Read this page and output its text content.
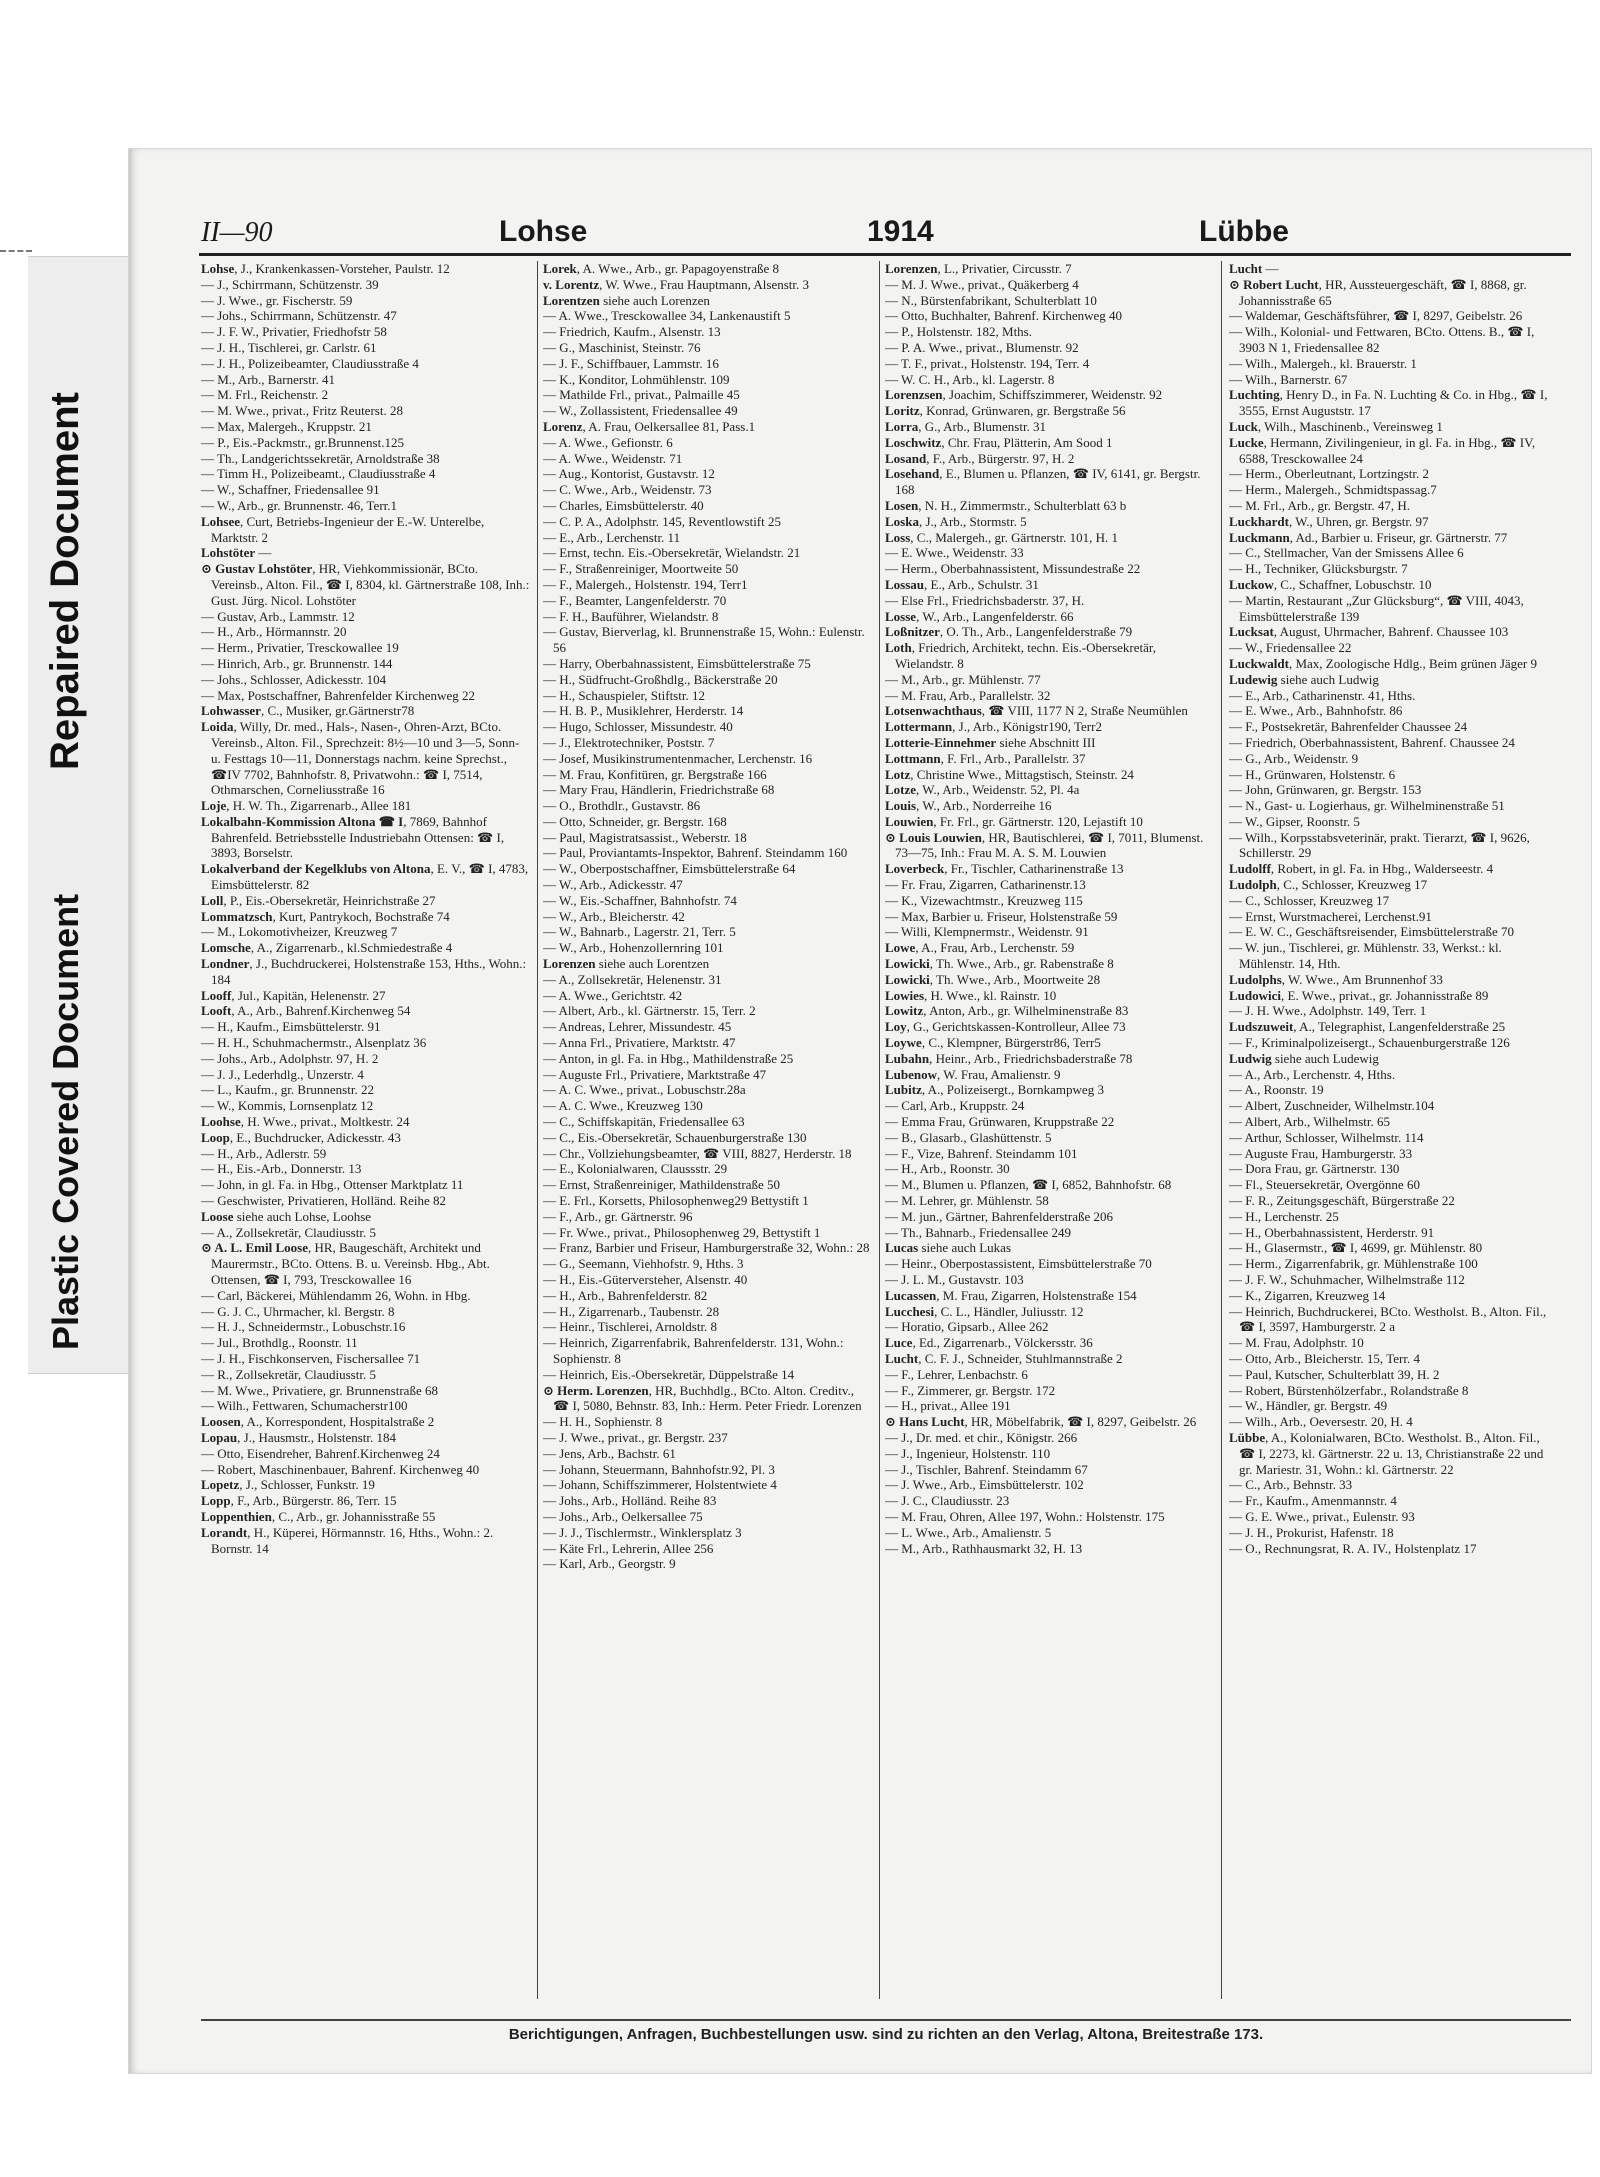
Plastic Covered Document
Repaired Document
II—90	Lohse	1914	Lübbe

Lohse, J., Krankenkassen-Vorsteher, Paulstr. 12

— J., Schirrmann, Schützenstr. 39

— J. Wwe., gr. Fischerstr. 59

— Johs., Schirrmann, Schützenstr. 47

— J. F. W., Privatier, Friedhofstr 58

— J. H., Tischlerei, gr. Carlstr. 61

— J. H., Polizeibeamter, Claudiusstraße 4

— M., Arb., Barnerstr. 41

— M. Frl., Reichenstr. 2

— M. Wwe., privat., Fritz Reuterst. 28

— Max, Malergeh., Kruppstr. 21

— P., Eis.-Packmstr., gr.Brunnenst.125

— Th., Landgerichtssekretär, Arnoldstraße 38

— Timm H., Polizeibeamt., Claudiusstraße 4

— W., Schaffner, Friedensallee 91

— W., Arb., gr. Brunnenstr. 46, Terr.1

Lohsee, Curt, Betriebs-Ingenieur der E.-W. Unterelbe, Marktstr. 2

Lohstöter —

⊙ Gustav Lohstöter, HR, Viehkommissionär, BCto. Vereinsb., Alton. Fil., ☎ I, 8304, kl. Gärtnerstraße 108, Inh.: Gust. Jürg. Nicol. Lohstöter

— Gustav, Arb., Lammstr. 12

— H., Arb., Hörmannstr. 20

— Herm., Privatier, Tresckowallee 19

— Hinrich, Arb., gr. Brunnenstr. 144

— Johs., Schlosser, Adickesstr. 104

— Max, Postschaffner, Bahrenfelder Kirchenweg 22

Lohwasser, C., Musiker, gr.Gärtnerstr78

Loida, Willy, Dr. med., Hals-, Nasen-, Ohren-Arzt, BCto. Vereinsb., Alton. Fil., Sprechzeit: 8½—10 und 3—5, Sonn- u. Festtags 10—11, Donnerstags nachm. keine Sprechst., ☎IV 7702, Bahnhofstr. 8, Privatwohn.: ☎ I, 7514, Othmarschen, Corneliusstraße 16

Loje, H. W. Th., Zigarrenarb., Allee 181

Lokalbahn-Kommission Altona ☎ I, 7869, Bahnhof Bahrenfeld. Betriebsstelle Industriebahn Ottensen: ☎ I, 3893, Borselstr.

Lokalverband der Kegelklubs von Altona, E. V., ☎ I, 4783, Eimsbüttelerstr. 82

Loll, P., Eis.-Obersekretär, Heinrichstraße 27

Lommatzsch, Kurt, Pantrykoch, Bochstraße 74

— M., Lokomotivheizer, Kreuzweg 7

Lomsche, A., Zigarrenarb., kl.Schmiedestraße 4

Londner, J., Buchdruckerei, Holstenstraße 153, Hths., Wohn.: 184

Looff, Jul., Kapitän, Helenenstr. 27

Looft, A., Arb., Bahrenf.Kirchenweg 54

— H., Kaufm., Eimsbüttelerstr. 91

— H. H., Schuhmachermstr., Alsenplatz 36

— Johs., Arb., Adolphstr. 97, H. 2

— J. J., Lederhdlg., Unzerstr. 4

— L., Kaufm., gr. Brunnenstr. 22

— W., Kommis, Lornsenplatz 12

Loohse, H. Wwe., privat., Moltkestr. 24

Loop, E., Buchdrucker, Adickesstr. 43

— H., Arb., Adlerstr. 59

— H., Eis.-Arb., Donnerstr. 13

— John, in gl. Fa. in Hbg., Ottenser Marktplatz 11

— Geschwister, Privatieren, Holländ. Reihe 82

Loose siehe auch Lohse, Loohse

— A., Zollsekretär, Claudiusstr. 5

⊙ A. L. Emil Loose, HR, Baugeschäft, Architekt und Maurermstr., BCto. Ottens. B. u. Vereinsb. Hbg., Abt. Ottensen, ☎ I, 793, Tresckowallee 16

— Carl, Bäckerei, Mühlendamm 26, Wohn. in Hbg.

— G. J. C., Uhrmacher, kl. Bergstr. 8

— H. J., Schneidermstr., Lobuschstr.16

— Jul., Brothdlg., Roonstr. 11

— J. H., Fischkonserven, Fischersallee 71

— R., Zollsekretär, Claudiusstr. 5

— M. Wwe., Privatiere, gr. Brunnenstraße 68

— Wilh., Fettwaren, Schumacherstr100

Loosen, A., Korrespondent, Hospitalstraße 2

Lopau, J., Hausmstr., Holstenstr. 184

— Otto, Eisendreher, Bahrenf.Kirchenweg 24

— Robert, Maschinenbauer, Bahrenf. Kirchenweg 40

Lopetz, J., Schlosser, Funkstr. 19

Lopp, F., Arb., Bürgerstr. 86, Terr. 15

Loppenthien, C., Arb., gr. Johannisstraße 55

Lorandt, H., Küperei, Hörmannstr. 16, Hths., Wohn.: 2. Bornstr. 14

Lorek, A. Wwe., Arb., gr. Papagoyenstraße 8

v. Lorentz, W. Wwe., Frau Hauptmann, Alsenstr. 3

Lorentzen siehe auch Lorenzen

— A. Wwe., Tresckowallee 34, Lankenaustift 5

— Friedrich, Kaufm., Alsenstr. 13

— G., Maschinist, Steinstr. 76

— J. F., Schiffbauer, Lammstr. 16

— K., Konditor, Lohmühlenstr. 109

— Mathilde Frl., privat., Palmaille 45

— W., Zollassistent, Friedensallee 49

Lorenz, A. Frau, Oelkersallee 81, Pass.1

— A. Wwe., Gefionstr. 6

— A. Wwe., Weidenstr. 71

— Aug., Kontorist, Gustavstr. 12

— C. Wwe., Arb., Weidenstr. 73

— Charles, Eimsbüttelerstr. 40

— C. P. A., Adolphstr. 145, Reventlowstift 25

— E., Arb., Lerchenstr. 11

— Ernst, techn. Eis.-Obersekretär, Wielandstr. 21

— F., Straßenreiniger, Moortweite 50

— F., Malergeh., Holstenstr. 194, Terr1

— F., Beamter, Langenfelderstr. 70

— F. H., Bauführer, Wielandstr. 8

— Gustav, Bierverlag, kl. Brunnenstraße 15, Wohn.: Eulenstr. 56

— Harry, Oberbahnassistent, Eimsbüttelerstraße 75

— H., Südfrucht-Großhdlg., Bäckerstraße 20

— H., Schauspieler, Stiftstr. 12

— H. B. P., Musiklehrer, Herderstr. 14

— Hugo, Schlosser, Missundestr. 40

— J., Elektrotechniker, Poststr. 7

— Josef, Musikinstrumentenmacher, Lerchenstr. 16

— M. Frau, Konfitüren, gr. Bergstraße 166

— Mary Frau, Händlerin, Friedrichstraße 68

— O., Brothdlr., Gustavstr. 86

— Otto, Schneider, gr. Bergstr. 168

— Paul, Magistratsassist., Weberstr. 18

— Paul, Proviantamts-Inspektor, Bahrenf. Steindamm 160

— W., Oberpostschaffner, Eimsbüttelerstraße 64

— W., Arb., Adickesstr. 47

— W., Eis.-Schaffner, Bahnhofstr. 74

— W., Arb., Bleicherstr. 42

— W., Bahnarb., Lagerstr. 21, Terr. 5

— W., Arb., Hohenzollernring 101

Lorenzen siehe auch Lorentzen

— A., Zollsekretär, Helenenstr. 31

— A. Wwe., Gerichtstr. 42

— Albert, Arb., kl. Gärtnerstr. 15, Terr. 2

— Andreas, Lehrer, Missundestr. 45

— Anna Frl., Privatiere, Marktstr. 47

— Anton, in gl. Fa. in Hbg., Mathildenstraße 25

— Auguste Frl., Privatiere, Marktstraße 47

— A. C. Wwe., privat., Lobuschstr.28a

— A. C. Wwe., Kreuzweg 130

— C., Schiffskapitän, Friedensallee 63

— C., Eis.-Obersekretär, Schauenburgerstraße 130

— Chr., Vollziehungsbeamter, ☎ VIII, 8827, Herderstr. 18

— E., Kolonialwaren, Claussstr. 29

— Ernst, Straßenreiniger, Mathildenstraße 50

— E. Frl., Korsetts, Philosophenweg29 Bettystift 1

— F., Arb., gr. Gärtnerstr. 96

— Fr. Wwe., privat., Philosophenweg 29, Bettystift 1

— Franz, Barbier und Friseur, Hamburgerstraße 32, Wohn.: 28

— G., Seemann, Viehhofstr. 9, Hths. 3

— H., Eis.-Güterversteher, Alsenstr. 40

— H., Arb., Bahrenfelderstr. 82

— H., Zigarrenarb., Taubenstr. 28

— Heinr., Tischlerei, Arnoldstr. 8

— Heinrich, Zigarrenfabrik, Bahrenfelderstr. 131, Wohn.: Sophienstr. 8

— Heinrich, Eis.-Obersekretär, Düppelstraße 14

⊙ Herm. Lorenzen, HR, Buchhdlg., BCto. Alton. Creditv., ☎ I, 5080, Behnstr. 83, Inh.: Herm. Peter Friedr. Lorenzen

— H. H., Sophienstr. 8

— J. Wwe., privat., gr. Bergstr. 237

— Jens, Arb., Bachstr. 61

— Johann, Steuermann, Bahnhofstr.92, Pl. 3

— Johann, Schiffszimmerer, Holstentwiete 4

— Johs., Arb., Holländ. Reihe 83

— Johs., Arb., Oelkersallee 75

— J. J., Tischlermstr., Winklersplatz 3

— Käte Frl., Lehrerin, Allee 256

— Karl, Arb., Georgstr. 9

Lorenzen, L., Privatier, Circusstr. 7

— M. J. Wwe., privat., Quäkerberg 4

— N., Bürstenfabrikant, Schulterblatt 10

— Otto, Buchhalter, Bahrenf. Kirchenweg 40

— P., Holstenstr. 182, Mths.

— P. A. Wwe., privat., Blumenstr. 92

— T. F., privat., Holstenstr. 194, Terr. 4

— W. C. H., Arb., kl. Lagerstr. 8

Lorenzsen, Joachim, Schiffszimmerer, Weidenstr. 92

Loritz, Konrad, Grünwaren, gr. Bergstraße 56

Lorra, G., Arb., Blumenstr. 31

Loschwitz, Chr. Frau, Plätterin, Am Sood 1

Losand, F., Arb., Bürgerstr. 97, H. 2

Losehand, E., Blumen u. Pflanzen, ☎ IV, 6141, gr. Bergstr. 168

Losen, N. H., Zimmermstr., Schulterblatt 63 b

Loska, J., Arb., Stormstr. 5

Loss, C., Malergeh., gr. Gärtnerstr. 101, H. 1

— E. Wwe., Weidenstr. 33

— Herm., Oberbahnassistent, Missundestraße 22

Lossau, E., Arb., Schulstr. 31

— Else Frl., Friedrichsbaderstr. 37, H.

Losse, W., Arb., Langenfelderstr. 66

Loßnitzer, O. Th., Arb., Langenfelderstraße 79

Loth, Friedrich, Architekt, techn. Eis.-Obersekretär, Wielandstr. 8

— M., Arb., gr. Mühlenstr. 77

— M. Frau, Arb., Parallelstr. 32

Lotsenwachthaus, ☎ VIII, 1177 N 2, Straße Neumühlen

Lottermann, J., Arb., Königstr190, Terr2

Lotterie-Einnehmer siehe Abschnitt III

Lottmann, F. Frl., Arb., Parallelstr. 37

Lotz, Christine Wwe., Mittagstisch, Steinstr. 24

Lotze, W., Arb., Weidenstr. 52, Pl. 4a

Louis, W., Arb., Norderreihe 16

Louwien, Fr. Frl., gr. Gärtnerstr. 120, Lejastift 10

⊙ Louis Louwien, HR, Bautischlerei, ☎ I, 7011, Blumenst. 73—75, Inh.: Frau M. A. S. M. Louwien

Loverbeck, Fr., Tischler, Catharinenstraße 13

— Fr. Frau, Zigarren, Catharinenstr.13

— K., Vizewachtmstr., Kreuzweg 115

— Max, Barbier u. Friseur, Holstenstraße 59

— Willi, Klempnermstr., Weidenstr. 91

Lowe, A., Frau, Arb., Lerchenstr. 59

Lowicki, Th. Wwe., Arb., gr. Rabenstraße 8

Lowicki, Th. Wwe., Arb., Moortweite 28

Lowies, H. Wwe., kl. Rainstr. 10

Lowitz, Anton, Arb., gr. Wilhelminenstraße 83

Loy, G., Gerichtskassen-Kontrolleur, Allee 73

Loywe, C., Klempner, Bürgerstr86, Terr5

Lubahn, Heinr., Arb., Friedrichsbaderstraße 78

Lubenow, W. Frau, Amalienstr. 9

Lubitz, A., Polizeisergt., Bornkampweg 3

— Carl, Arb., Kruppstr. 24

— Emma Frau, Grünwaren, Kruppstraße 22

— B., Glasarb., Glashüttenstr. 5

— F., Vize, Bahrenf. Steindamm 101

— H., Arb., Roonstr. 30

— M., Blumen u. Pflanzen, ☎ I, 6852, Bahnhofstr. 68

— M. Lehrer, gr. Mühlenstr. 58

— M. jun., Gärtner, Bahrenfelderstraße 206

— Th., Bahnarb., Friedensallee 249

Lucas siehe auch Lukas

— Heinr., Oberpostassistent, Eimsbüttelerstraße 70

— J. L. M., Gustavstr. 103

Lucassen, M. Frau, Zigarren, Holstenstraße 154

Lucchesi, C. L., Händler, Juliusstr. 12

— Horatio, Gipsarb., Allee 262

Luce, Ed., Zigarrenarb., Völckersstr. 36

Lucht, C. F. J., Schneider, Stuhlmannstraße 2

— F., Lehrer, Lenbachstr. 6

— F., Zimmerer, gr. Bergstr. 172

— H., privat., Allee 191

⊙ Hans Lucht, HR, Möbelfabrik, ☎ I, 8297, Geibelstr. 26

— J., Dr. med. et chir., Königstr. 266

— J., Ingenieur, Holstenstr. 110

— J., Tischler, Bahrenf. Steindamm 67

— J. Wwe., Arb., Eimsbüttelerstr. 102

— J. C., Claudiusstr. 23

— M. Frau, Ohren, Allee 197, Wohn.: Holstenstr. 175

— L. Wwe., Arb., Amalienstr. 5

— M., Arb., Rathhausmarkt 32, H. 13

Lucht —

⊙ Robert Lucht, HR, Aussteuergeschäft, ☎ I, 8868, gr. Johannisstraße 65

— Waldemar, Geschäftsführer, ☎ I, 8297, Geibelstr. 26

— Wilh., Kolonial- und Fettwaren, BCto. Ottens. B., ☎ I, 3903 N 1, Friedensallee 82

— Wilh., Malergeh., kl. Brauerstr. 1

— Wilh., Barnerstr. 67

Luchting, Henry D., in Fa. N. Luchting & Co. in Hbg., ☎ I, 3555, Ernst Auguststr. 17

Luck, Wilh., Maschinenb., Vereinsweg 1

Lucke, Hermann, Zivilingenieur, in gl. Fa. in Hbg., ☎ IV, 6588, Tresckowallee 24

— Herm., Oberleutnant, Lortzingstr. 2

— Herm., Malergeh., Schmidtspassag.7

— M. Frl., Arb., gr. Bergstr. 47, H.

Luckhardt, W., Uhren, gr. Bergstr. 97

Luckmann, Ad., Barbier u. Friseur, gr. Gärtnerstr. 77

— C., Stellmacher, Van der Smissens Allee 6

— H., Techniker, Glücksburgstr. 7

Luckow, C., Schaffner, Lobuschstr. 10

— Martin, Restaurant „Zur Glücksburg“, ☎ VIII, 4043, Eimsbüttelerstraße 139

Lucksat, August, Uhrmacher, Bahrenf. Chaussee 103

— W., Friedensallee 22

Luckwaldt, Max, Zoologische Hdlg., Beim grünen Jäger 9

Ludewig siehe auch Ludwig

— E., Arb., Catharinenstr. 41, Hths.

— E. Wwe., Arb., Bahnhofstr. 86

— F., Postsekretär, Bahrenfelder Chaussee 24

— Friedrich, Oberbahnassistent, Bahrenf. Chaussee 24

— G., Arb., Weidenstr. 9

— H., Grünwaren, Holstenstr. 6

— John, Grünwaren, gr. Bergstr. 153

— N., Gast- u. Logierhaus, gr. Wilhelminenstraße 51

— W., Gipser, Roonstr. 5

— Wilh., Korpsstabsveterinär, prakt. Tierarzt, ☎ I, 9626, Schillerstr. 29

Ludolff, Robert, in gl. Fa. in Hbg., Walderseestr. 4

Ludolph, C., Schlosser, Kreuzweg 17

— C., Schlosser, Kreuzweg 17

— Ernst, Wurstmacherei, Lerchenst.91

— E. W. C., Geschäftsreisender, Eimsbüttelerstraße 70

— W. jun., Tischlerei, gr. Mühlenstr. 33, Werkst.: kl. Mühlenstr. 14, Hth.

Ludolphs, W. Wwe., Am Brunnenhof 33

Ludowici, E. Wwe., privat., gr. Johannisstraße 89

— J. H. Wwe., Adolphstr. 149, Terr. 1

Ludszuweit, A., Telegraphist, Langenfelderstraße 25

— F., Kriminalpolizeisergt., Schauenburgerstraße 126

Ludwig siehe auch Ludewig

— A., Arb., Lerchenstr. 4, Hths.

— A., Roonstr. 19

— Albert, Zuschneider, Wilhelmstr.104

— Albert, Arb., Wilhelmstr. 65

— Arthur, Schlosser, Wilhelmstr. 114

— Auguste Frau, Hamburgerstr. 33

— Dora Frau, gr. Gärtnerstr. 130

— Fl., Steuersekretär, Overgönne 60

— F. R., Zeitungsgeschäft, Bürgerstraße 22

— H., Lerchenstr. 25

— H., Oberbahnassistent, Herderstr. 91

— H., Glasermstr., ☎ I, 4699, gr. Mühlenstr. 80

— Herm., Zigarrenfabrik, gr. Mühlenstraße 100

— J. F. W., Schuhmacher, Wilhelmstraße 112

— K., Zigarren, Kreuzweg 14

— Heinrich, Buchdruckerei, BCto. Westholst. B., Alton. Fil., ☎ I, 3597, Hamburgerstr. 2 a

— M. Frau, Adolphstr. 10

— Otto, Arb., Bleicherstr. 15, Terr. 4

— Paul, Kutscher, Schulterblatt 39, H. 2

— Robert, Bürstenhölzerfabr., Rolandstraße 8

— W., Händler, gr. Bergstr. 49

— Wilh., Arb., Oeversestr. 20, H. 4

Lübbe, A., Kolonialwaren, BCto. Westholst. B., Alton. Fil., ☎ I, 2273, kl. Gärtnerstr. 22 u. 13, Christianstraße 22 und gr. Mariestr. 31, Wohn.: kl. Gärtnerstr. 22

— C., Arb., Behnstr. 33

— Fr., Kaufm., Amenmannstr. 4

— G. E. Wwe., privat., Eulenstr. 93

— J. H., Prokurist, Hafenstr. 18

— O., Rechnungsrat, R. A. IV., Holstenplatz 17

Berichtigungen, Anfragen, Buchbestellungen usw. sind zu richten an den Verlag, Altona, Breitestraße 173.
